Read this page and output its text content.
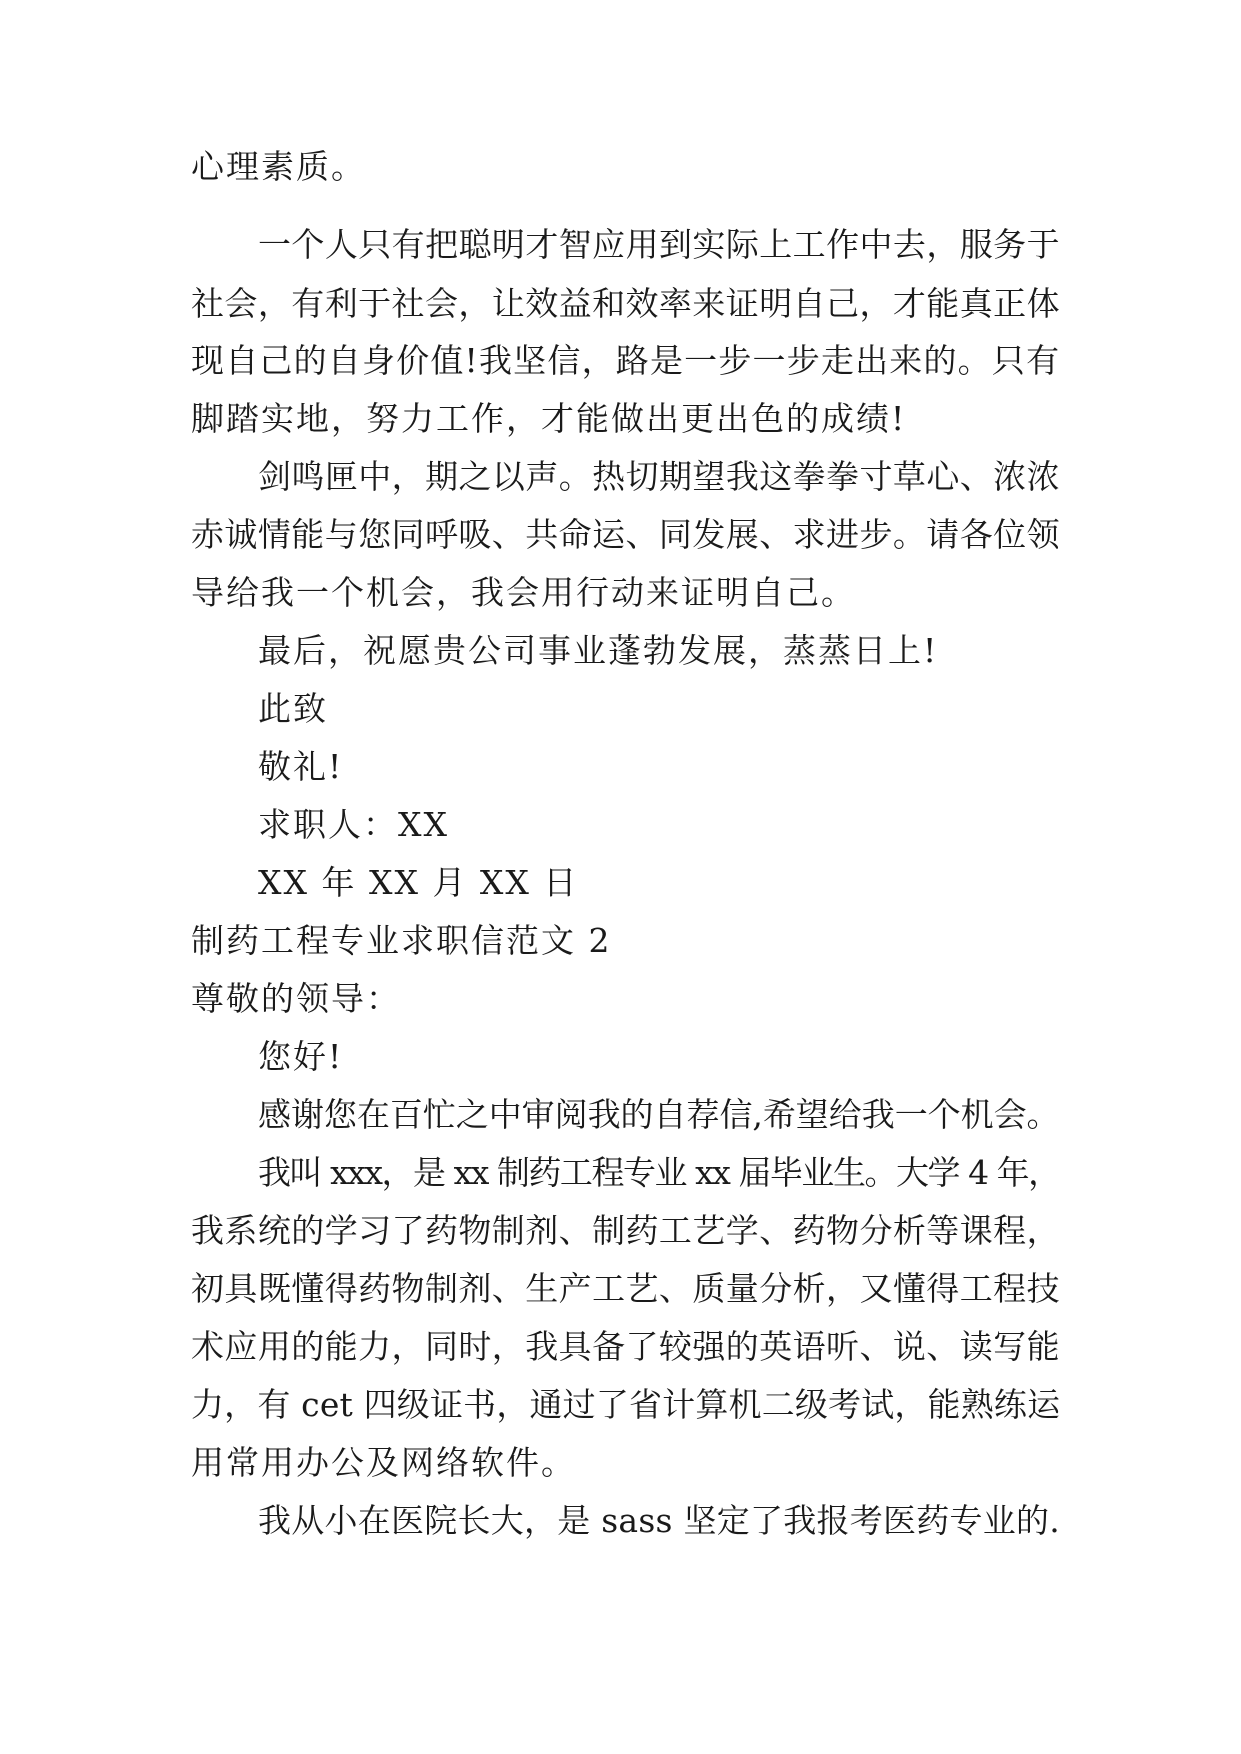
心理素质。
一个人只有把聪明才智应用到实际上工作中去，服务于
社会，有利于社会，让效益和效率来证明自己，才能真正体
现自己的自身价值!我坚信，路是一步一步走出来的。只有
脚踏实地，努力工作，才能做出更出色的成绩!
剑鸣匣中，期之以声。热切期望我这拳拳寸草心、浓浓
赤诚情能与您同呼吸、共命运、同发展、求进步。请各位领
导给我一个机会，我会用行动来证明自己。
最后，祝愿贵公司事业蓬勃发展，蒸蒸日上!
此致
敬礼!
求职人：XX
XX 年 XX 月 XX 日
制药工程专业求职信范文 2
尊敬的领导：
您好!
感谢您在百忙之中审阅我的自荐信,希望给我一个机会。
我叫 xxx，是 xx 制药工程专业 xx 届毕业生。大学 4 年，
我系统的学习了药物制剂、制药工艺学、药物分析等课程，
初具既懂得药物制剂、生产工艺、质量分析，又懂得工程技
术应用的能力，同时，我具备了较强的英语听、说、读写能
力，有 cet 四级证书，通过了省计算机二级考试，能熟练运
用常用办公及网络软件。
我从小在医院长大，是 sass 坚定了我报考医药专业的.
